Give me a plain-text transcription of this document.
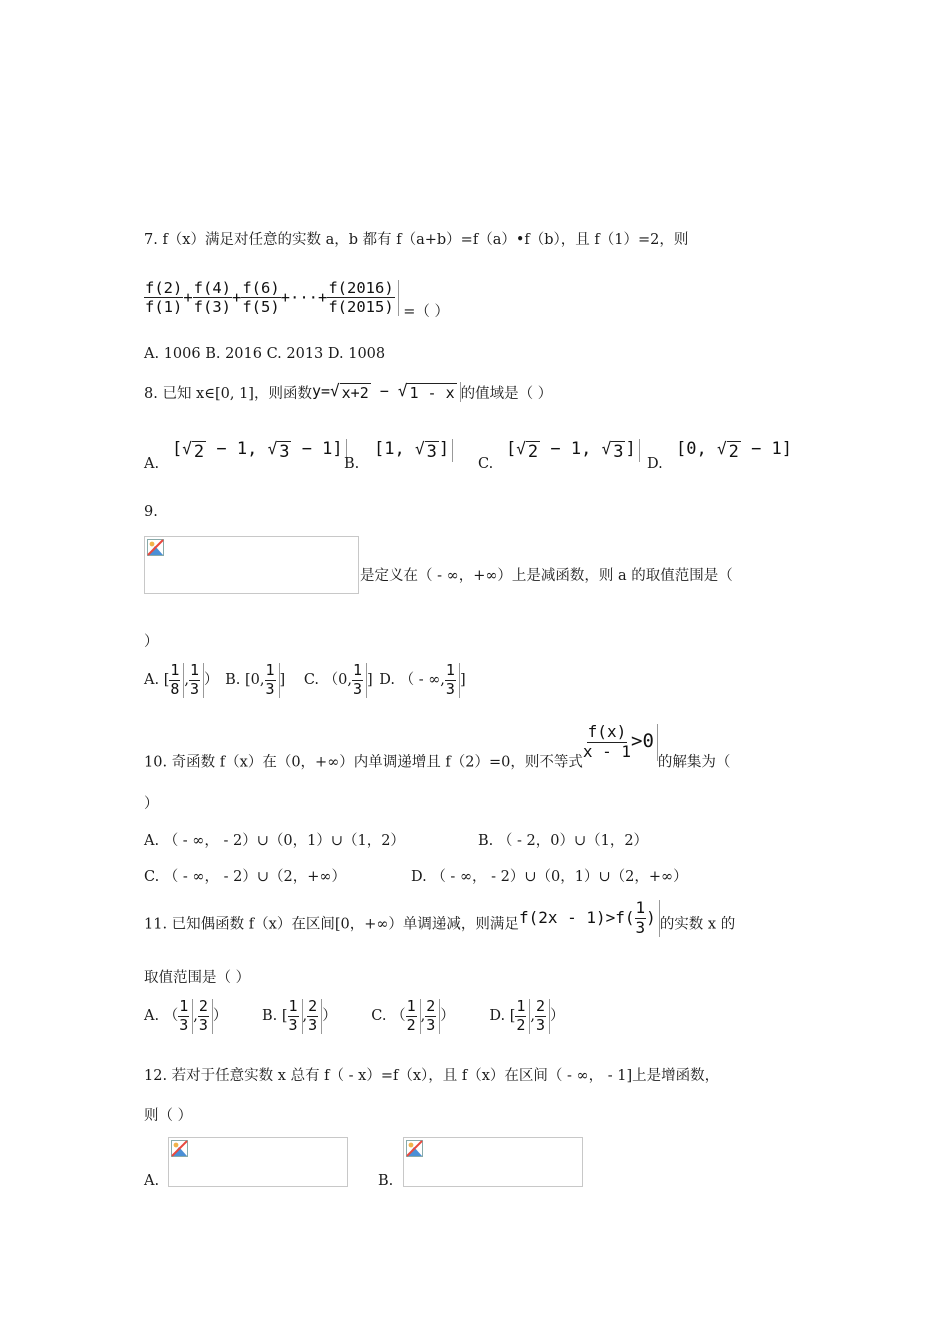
7. f（x）满足对任意的实数 a，b 都有 f（a+b）=f（a）•f（b），且 f（1）=2，则
$\frac{f(2)}{f(1)} + \frac{f(4)}{f(3)} + \frac{f(6)}{f(5)}$ +···+ $\frac{f(2016)}{f(2015)}$ =（ ）
A. 1006 B. 2016 C. 2013 D. 1008
8. 已知 x∈[0, 1]，则函数y= √ x+2 − √ 1 - x 的值域是（ ）
A.
[ √ 2 − 1, √ 3 − 1]
B.
[1, √ 3 ]
C.
[ √ 2 − 1, √ 3 ]
D.
[0, √ 2 − 1]
9.
是定义在（ - ∞，+∞）上是减函数，则 a 的取值范围是（
）
A. [ $\frac{1}{8}$ , $\frac{1}{3}$ ） B. [0, $\frac{1}{3}$ ] C. （0, $\frac{1}{3}$ ] D. （ - ∞, $\frac{1}{3}$ ]
10. 奇函数 f（x）在（0，+∞）内单调递增且 f（2）=0，则不等式
$\frac{f(x)}{x - 1} >0$的解集为（
）
A. （ - ∞， - 2）∪（0，1）∪（1，2）	B. （ - 2，0）∪（1，2）
C. （ - ∞， - 2）∪（2，+∞）	D. （ - ∞， - 2）∪（0，1）∪（2，+∞）
11. 已知偶函数 f（x）在区间[0，+∞）单调递减，则满足$f(2x - 1)>f( \frac{1}{3}$ ) 的实数 x 的
取值范围是（ ）
A. （ $\frac{1}{3}$ , $\frac{2}{3}$ ） B. [ $\frac{1}{3}$ , $\frac{2}{3}$ ） C. （ $\frac{1}{2}$ , $\frac{2}{3}$ ） D. [ $\frac{1}{2}$ , $\frac{2}{3}$ ）
12. 若对于任意实数 x 总有 f（ - x）=f（x），且 f（x）在区间（ - ∞， - 1]上是增函数，
则（ ）
A.	B.
